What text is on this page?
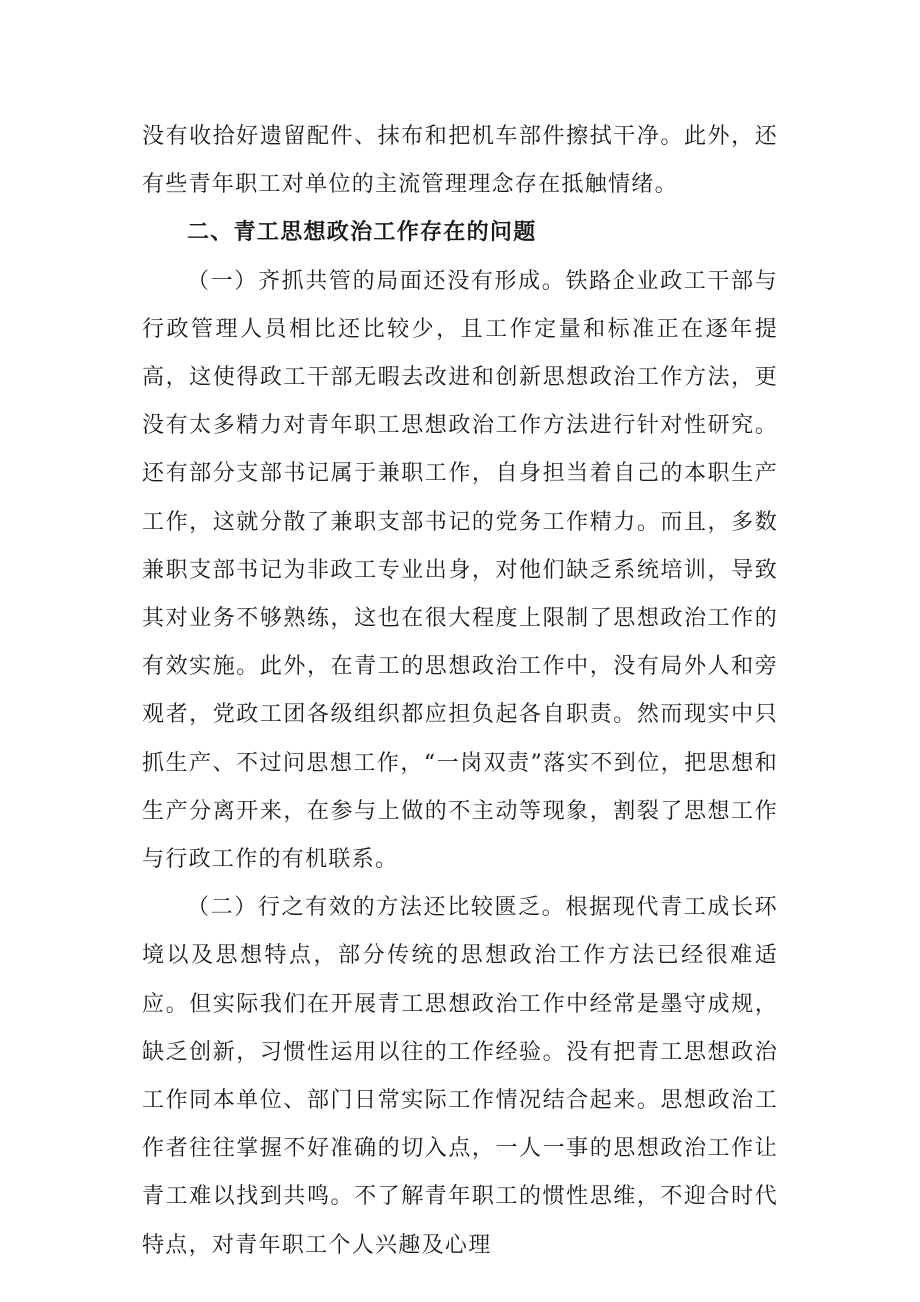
没有收拾好遗留配件、抹布和把机车部件擦拭干净。此外，还有些青年职工对单位的主流管理理念存在抵触情绪。

二、青工思想政治工作存在的问题

（一）齐抓共管的局面还没有形成。铁路企业政工干部与行政管理人员相比还比较少，且工作定量和标准正在逐年提高，这使得政工干部无暇去改进和创新思想政治工作方法，更没有太多精力对青年职工思想政治工作方法进行针对性研究。还有部分支部书记属于兼职工作，自身担当着自己的本职生产工作，这就分散了兼职支部书记的党务工作精力。而且，多数兼职支部书记为非政工专业出身，对他们缺乏系统培训，导致其对业务不够熟练，这也在很大程度上限制了思想政治工作的有效实施。此外，在青工的思想政治工作中，没有局外人和旁观者，党政工团各级组织都应担负起各自职责。然而现实中只抓生产、不过问思想工作，“一岗双责”落实不到位，把思想和生产分离开来，在参与上做的不主动等现象，割裂了思想工作与行政工作的有机联系。

（二）行之有效的方法还比较匮乏。根据现代青工成长环境以及思想特点，部分传统的思想政治工作方法已经很难适应。但实际我们在开展青工思想政治工作中经常是墨守成规，缺乏创新，习惯性运用以往的工作经验。没有把青工思想政治工作同本单位、部门日常实际工作情况结合起来。思想政治工作者往往掌握不好准确的切入点，一人一事的思想政治工作让青工难以找到共鸣。不了解青年职工的惯性思维，不迎合时代特点，对青年职工个人兴趣及心理
